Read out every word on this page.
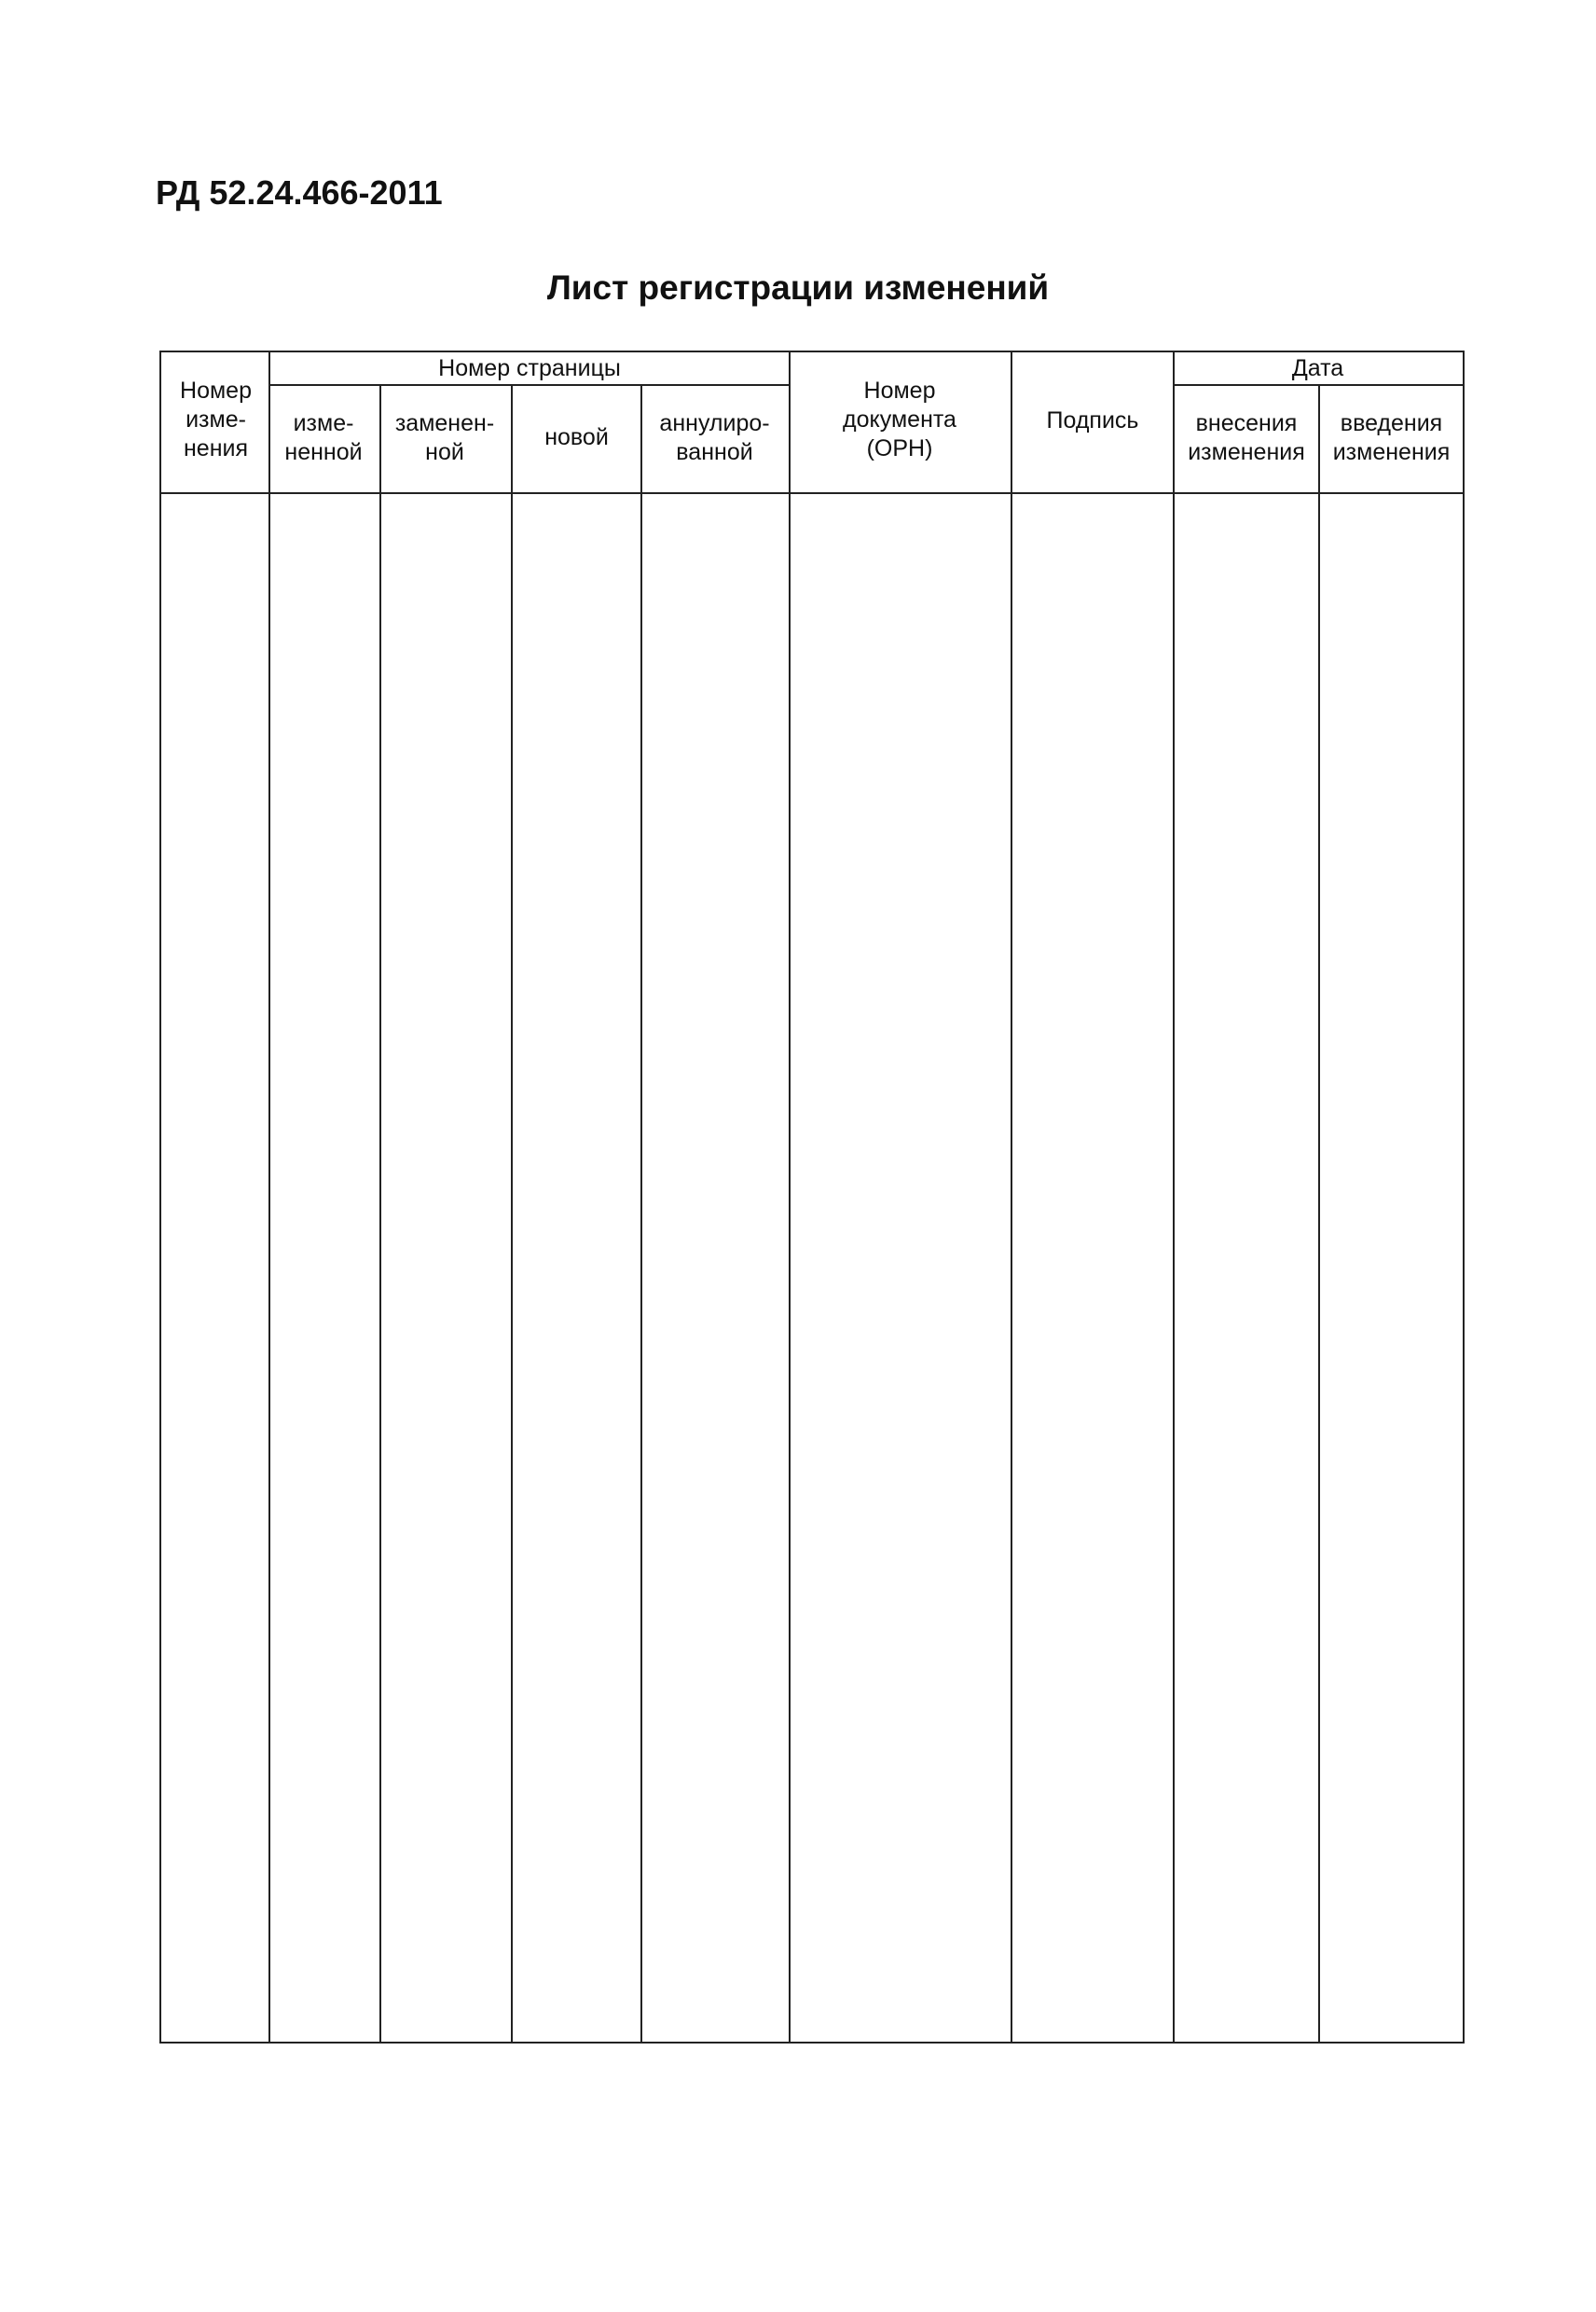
РД 52.24.466-2011
Лист регистрации изменений
Номер изме-нения
Номер страницы
изме-ненной
заменен-ной
новой
аннулиро-ванной
Номер документа (ОРН)
Подпись
Дата
внесения изменения
введения изменения
